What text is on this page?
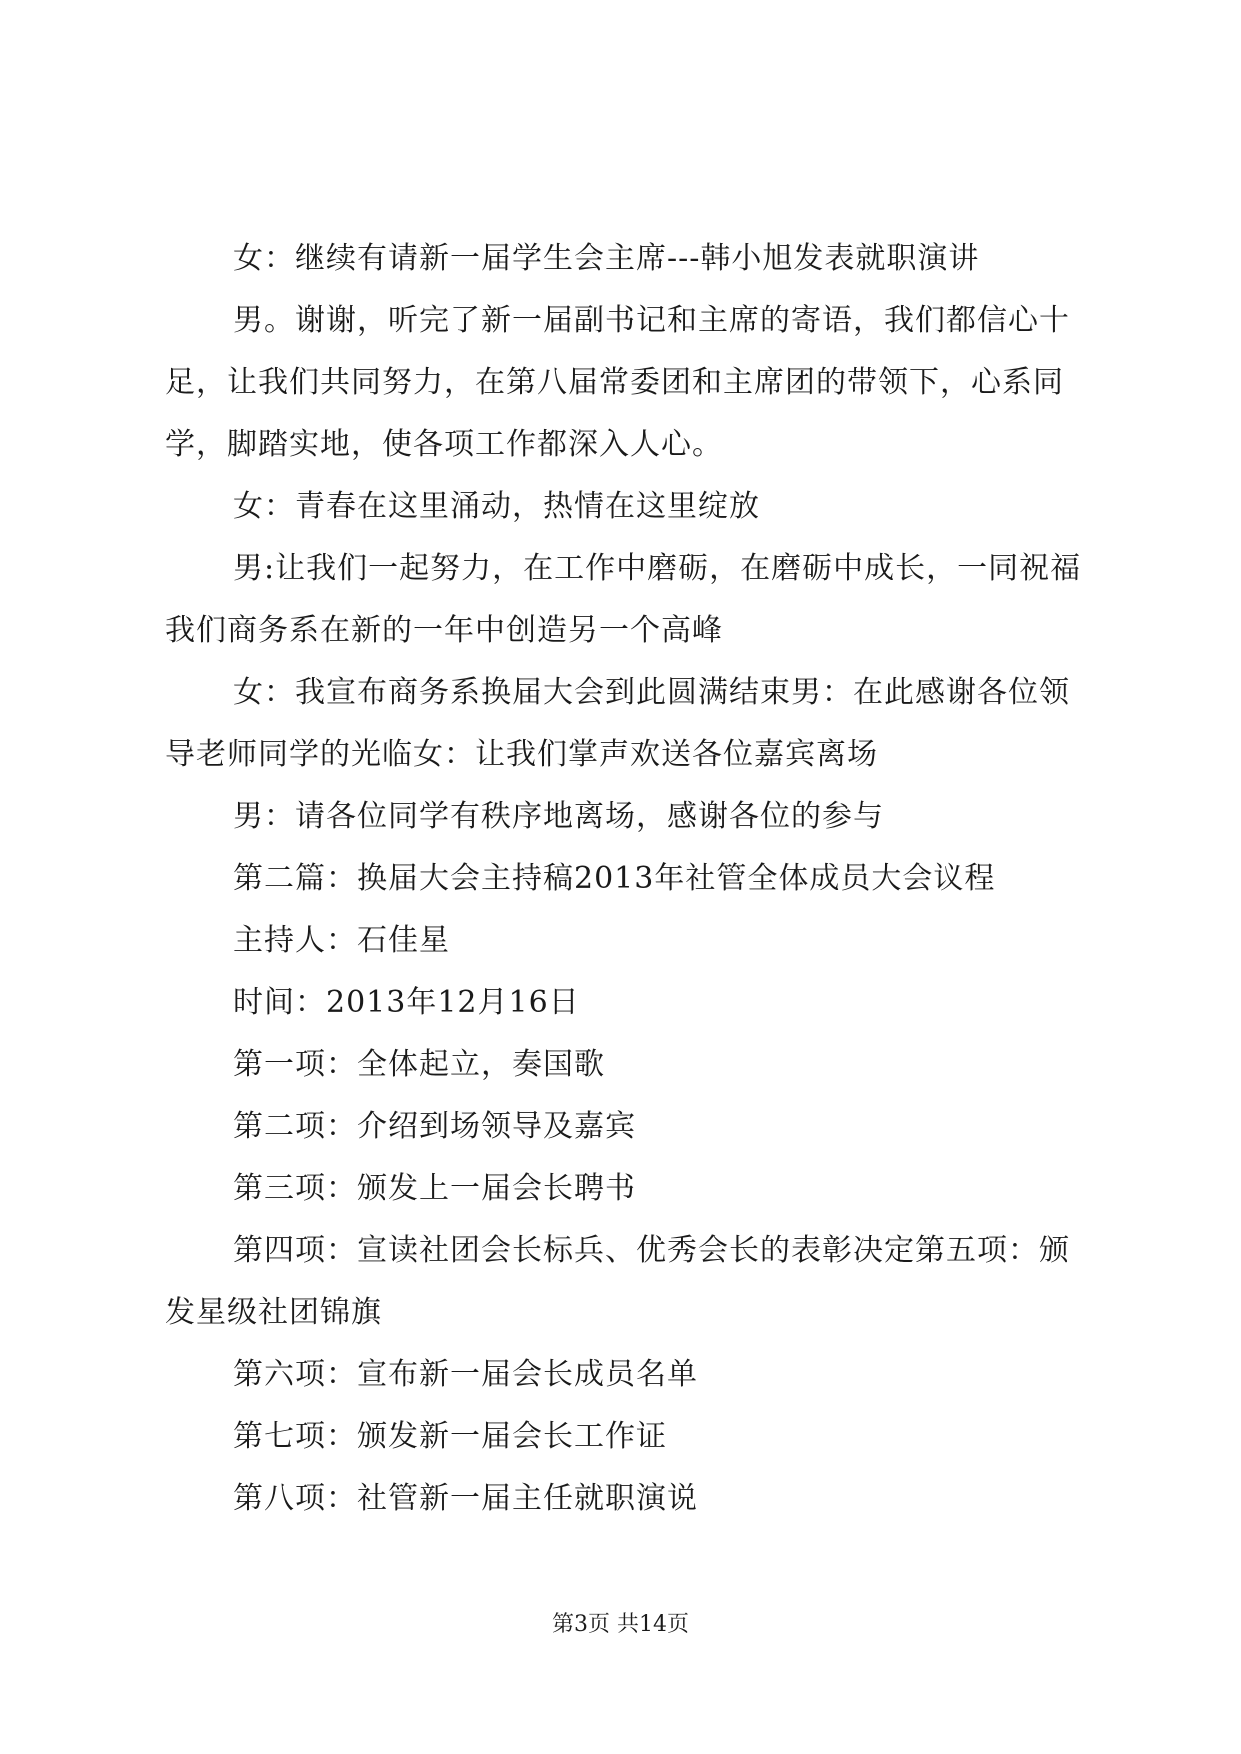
女：继续有请新一届学生会主席---韩小旭发表就职演讲

男。谢谢，听完了新一届副书记和主席的寄语，我们都信心十足，让我们共同努力，在第八届常委团和主席团的带领下，心系同学，脚踏实地，使各项工作都深入人心。

女：青春在这里涌动，热情在这里绽放

男:让我们一起努力，在工作中磨砺，在磨砺中成长，一同祝福我们商务系在新的一年中创造另一个高峰

女：我宣布商务系换届大会到此圆满结束男：在此感谢各位领导老师同学的光临女：让我们掌声欢送各位嘉宾离场

男：请各位同学有秩序地离场，感谢各位的参与

第二篇：换届大会主持稿2013年社管全体成员大会议程

主持人：石佳星

时间：2013年12月16日

第一项：全体起立，奏国歌

第二项：介绍到场领导及嘉宾

第三项：颁发上一届会长聘书

第四项：宣读社团会长标兵、优秀会长的表彰决定第五项：颁发星级社团锦旗

第六项：宣布新一届会长成员名单

第七项：颁发新一届会长工作证

第八项：社管新一届主任就职演说

第3页 共14页
